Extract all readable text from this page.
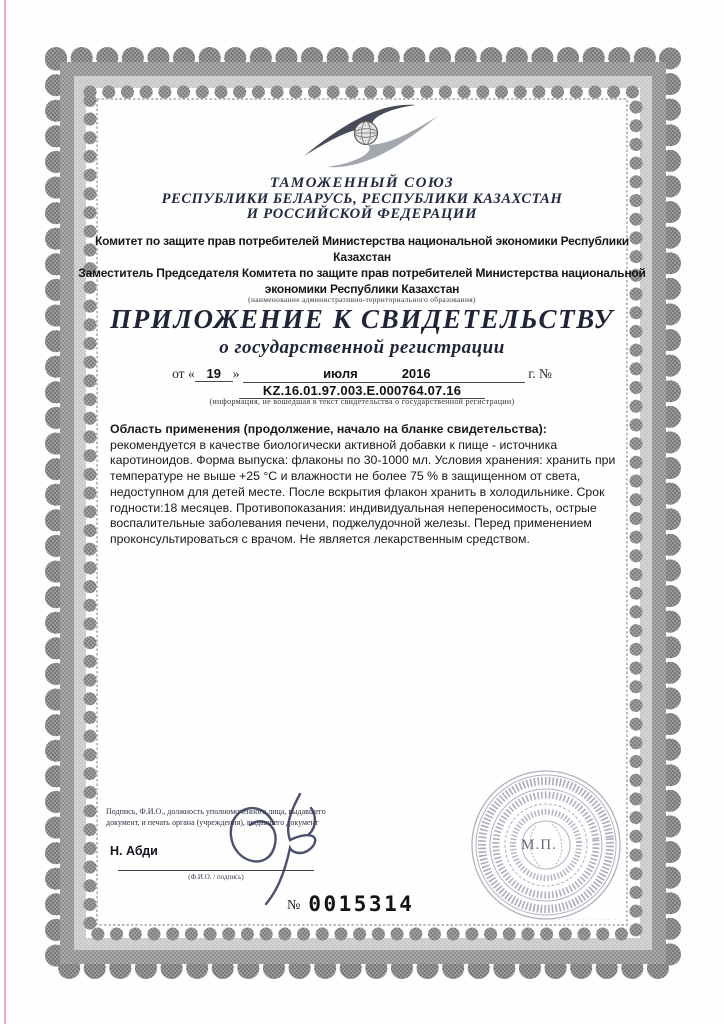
ТАМОЖЕННЫЙ СОЮЗ
РЕСПУБЛИКИ БЕЛАРУСЬ, РЕСПУБЛИКИ КАЗАХСТАН
И РОССИЙСКОЙ ФЕДЕРАЦИИ
Комитет по защите прав потребителей Министерства национальной экономики Республики
Казахстан
Заместитель Председателя Комитета по защите прав потребителей Министерства национальной
экономики Республики Казахстан
(наименование административно-территориального образования)
ПРИЛОЖЕНИЕ К СВИДЕТЕЛЬСТВУ
о государственной регистрации
от « 19 »	июля	2016	г. № KZ.16.01.97.003.E.000764.07.16
(информация, не вошедшая в текст свидетельства о государственной регистрации)
Область применения (продолжение, начало на бланке свидетельства):
рекомендуется в качестве биологически активной добавки к пище - источника каротиноидов. Форма выпуска: флаконы по 30-1000 мл. Условия хранения: хранить при температуре не выше +25 °С и влажности не более 75 % в защищенном от света, недоступном для детей месте. После вскрытия флакон хранить в холодильнике. Срок годности:18 месяцев. Противопоказания: индивидуальная непереносимость, острые воспалительные заболевания печени, поджелудочной железы. Перед применением проконсультироваться с врачом. Не является лекарственным средством.
Подпись, Ф.И.О., должность уполномоченного лица, выдавшего документ, и печать органа (учреждения), выдавшего документ
Н. Абди
(Ф.И.О. / подпись)
№ 0015314
· ····· ·· ·· ···· ·
М.П.
